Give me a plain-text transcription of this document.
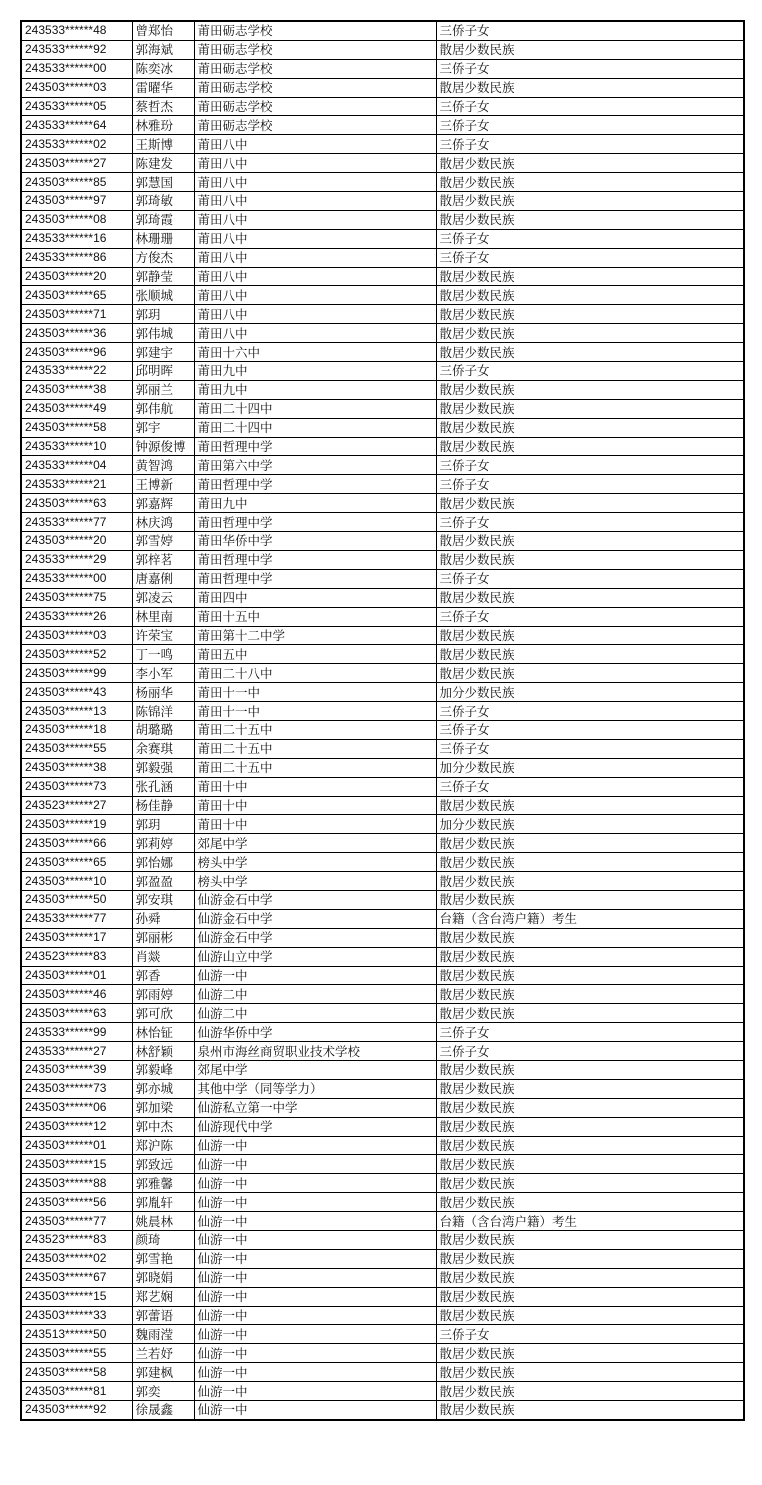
243533******48	曾郑怡	莆田砺志学校	三侨子女
243533******92	郭海斌	莆田砺志学校	散居少数民族
243533******00	陈奕冰	莆田砺志学校	三侨子女
243503******03	雷曜华	莆田砺志学校	散居少数民族
243533******05	蔡哲杰	莆田砺志学校	三侨子女
243533******64	林雅玢	莆田砺志学校	三侨子女
243533******02	王斯博	莆田八中	三侨子女
243503******27	陈建发	莆田八中	散居少数民族
243503******85	郭慧国	莆田八中	散居少数民族
243503******97	郭琦敏	莆田八中	散居少数民族
243503******08	郭琦霞	莆田八中	散居少数民族
243533******16	林珊珊	莆田八中	三侨子女
243533******86	方俊杰	莆田八中	三侨子女
243503******20	郭静莹	莆田八中	散居少数民族
243503******65	张顺城	莆田八中	散居少数民族
243503******71	郭玥	莆田八中	散居少数民族
243503******36	郭伟城	莆田八中	散居少数民族
243503******96	郭建宇	莆田十六中	散居少数民族
243533******22	邱明晖	莆田九中	三侨子女
243503******38	郭丽兰	莆田九中	散居少数民族
243503******49	郭伟航	莆田二十四中	散居少数民族
243503******58	郭宇	莆田二十四中	散居少数民族
243533******10	钟源俊博	莆田哲理中学	散居少数民族
243533******04	黄智鸿	莆田第六中学	三侨子女
243533******21	王博新	莆田哲理中学	三侨子女
243503******63	郭嘉辉	莆田九中	散居少数民族
243533******77	林庆鸿	莆田哲理中学	三侨子女
243503******20	郭雪婷	莆田华侨中学	散居少数民族
243533******29	郭梓茗	莆田哲理中学	散居少数民族
243533******00	唐嘉俐	莆田哲理中学	三侨子女
243503******75	郭凌云	莆田四中	散居少数民族
243533******26	林里南	莆田十五中	三侨子女
243503******03	许荣宝	莆田第十二中学	散居少数民族
243503******52	丁一鸣	莆田五中	散居少数民族
243503******99	李小军	莆田二十八中	散居少数民族
243503******43	杨丽华	莆田十一中	加分少数民族
243503******13	陈锦洋	莆田十一中	三侨子女
243503******18	胡璐璐	莆田二十五中	三侨子女
243503******55	余赛琪	莆田二十五中	三侨子女
243503******38	郭毅强	莆田二十五中	加分少数民族
243503******73	张孔涵	莆田十中	三侨子女
243523******27	杨佳静	莆田十中	散居少数民族
243503******19	郭玥	莆田十中	加分少数民族
243503******66	郭莉婷	郊尾中学	散居少数民族
243503******65	郭怡娜	榜头中学	散居少数民族
243503******10	郭盈盈	榜头中学	散居少数民族
243503******50	郭安琪	仙游金石中学	散居少数民族
243533******77	孙舜	仙游金石中学	台籍（含台湾户籍）考生
243503******17	郭丽彬	仙游金石中学	散居少数民族
243523******83	肖燚	仙游山立中学	散居少数民族
243503******01	郭香	仙游一中	散居少数民族
243503******46	郭雨婷	仙游二中	散居少数民族
243503******63	郭可欣	仙游二中	散居少数民族
243533******99	林怡钲	仙游华侨中学	三侨子女
243533******27	林舒颖	泉州市海丝商贸职业技术学校	三侨子女
243503******39	郭毅峰	郊尾中学	散居少数民族
243503******73	郭亦城	其他中学（同等学力）	散居少数民族
243503******06	郭加梁	仙游私立第一中学	散居少数民族
243503******12	郭中杰	仙游现代中学	散居少数民族
243503******01	郑沪陈	仙游一中	散居少数民族
243503******15	郭致远	仙游一中	散居少数民族
243503******88	郭雅馨	仙游一中	散居少数民族
243503******56	郭胤轩	仙游一中	散居少数民族
243503******77	姚晨林	仙游一中	台籍（含台湾户籍）考生
243523******83	颜琦	仙游一中	散居少数民族
243503******02	郭雪艳	仙游一中	散居少数民族
243503******67	郭晓娟	仙游一中	散居少数民族
243503******15	郑艺娴	仙游一中	散居少数民族
243503******33	郭蕾语	仙游一中	散居少数民族
243513******50	魏雨滢	仙游一中	三侨子女
243503******55	兰若妤	仙游一中	散居少数民族
243503******58	郭建枫	仙游一中	散居少数民族
243503******81	郭奕	仙游一中	散居少数民族
243503******92	徐晟鑫	仙游一中	散居少数民族
